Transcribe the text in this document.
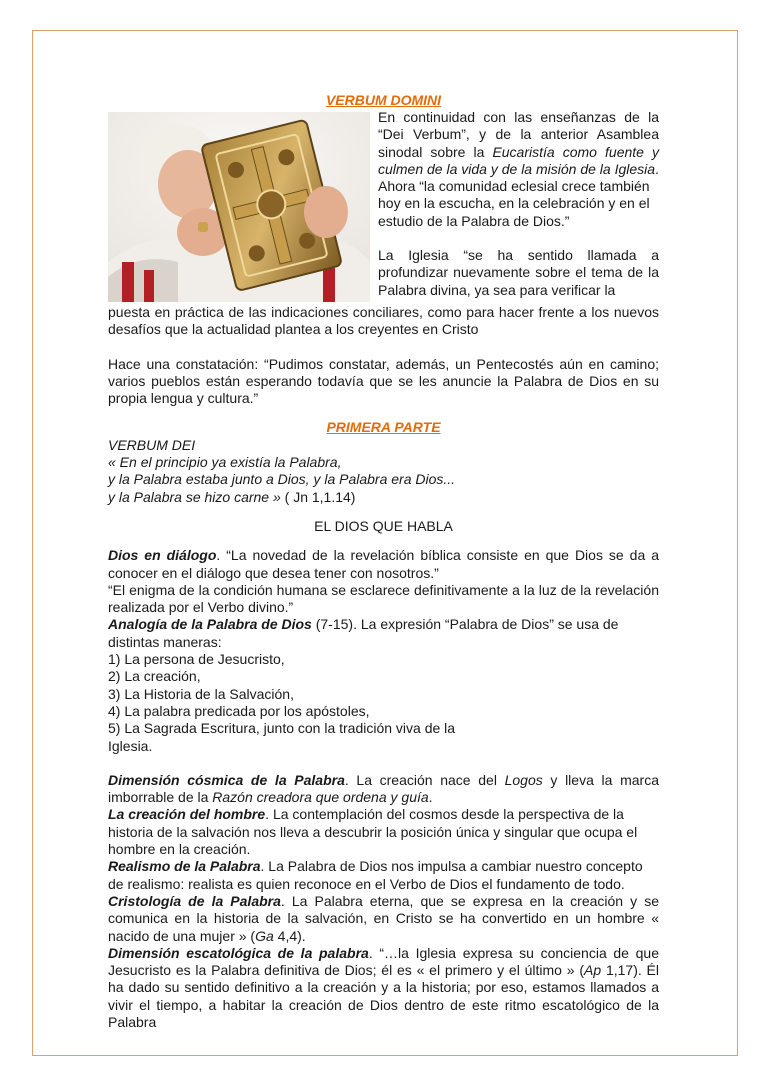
VERBUM DOMINI

En continuidad con las enseñanzas de la “Dei Verbum”, y de la anterior Asamblea sinodal sobre la Eucaristía como fuente y culmen de la vida y de la misión de la Iglesia.

Ahora “la comunidad eclesial crece también hoy en la escucha, en la celebración y en el estudio de la Palabra de Dios.”

La Iglesia “se ha sentido llamada a profundizar nuevamente sobre el tema de la Palabra divina, ya sea para verificar la

puesta en práctica de las indicaciones conciliares, como para hacer frente a los nuevos desafíos que la actualidad plantea a los creyentes en Cristo

Hace una constatación: “Pudimos constatar, además, un Pentecostés aún en camino; varios pueblos están esperando todavía que se les anuncie la Palabra de Dios en su propia lengua y cultura.”

PRIMERA PARTE

VERBUM DEI

« En el principio ya existía la Palabra,

y la Palabra estaba junto a Dios, y la Palabra era Dios...

y la Palabra se hizo carne » ( Jn 1,1.14)

EL DIOS QUE HABLA

Dios en diálogo. “La novedad de la revelación bíblica consiste en que Dios se da a conocer en el diálogo que desea tener con nosotros.”

“El enigma de la condición humana se esclarece definitivamente a la luz de la revelación realizada por el Verbo divino.”

Analogía de la Palabra de Dios (7-15). La expresión “Palabra de Dios” se usa de distintas maneras:

1) La persona de Jesucristo,

2) La creación,

3) La Historia de la Salvación,

4) La palabra predicada por los apóstoles,

5) La Sagrada Escritura, junto con la tradición viva de la Iglesia.

Dimensión cósmica de la Palabra. La creación nace del Logos y lleva la marca imborrable de la Razón creadora que ordena y guía.

La creación del hombre. La contemplación del cosmos desde la perspectiva de la historia de la salvación nos lleva a descubrir la posición única y singular que ocupa el hombre en la creación.

Realismo de la Palabra. La Palabra de Dios nos impulsa a cambiar nuestro concepto de realismo: realista es quien reconoce en el Verbo de Dios el fundamento de todo.

Cristología de la Palabra. La Palabra eterna, que se expresa en la creación y se comunica en la historia de la salvación, en Cristo se ha convertido en un hombre « nacido de una mujer » (Ga 4,4).

Dimensión escatológica de la palabra. “…la Iglesia expresa su conciencia de que Jesucristo es la Palabra definitiva de Dios; él es « el primero y el último » (Ap 1,17). Él ha dado su sentido definitivo a la creación y a la historia; por eso, estamos llamados a vivir el tiempo, a habitar la creación de Dios dentro de este ritmo escatológico de la Palabra
